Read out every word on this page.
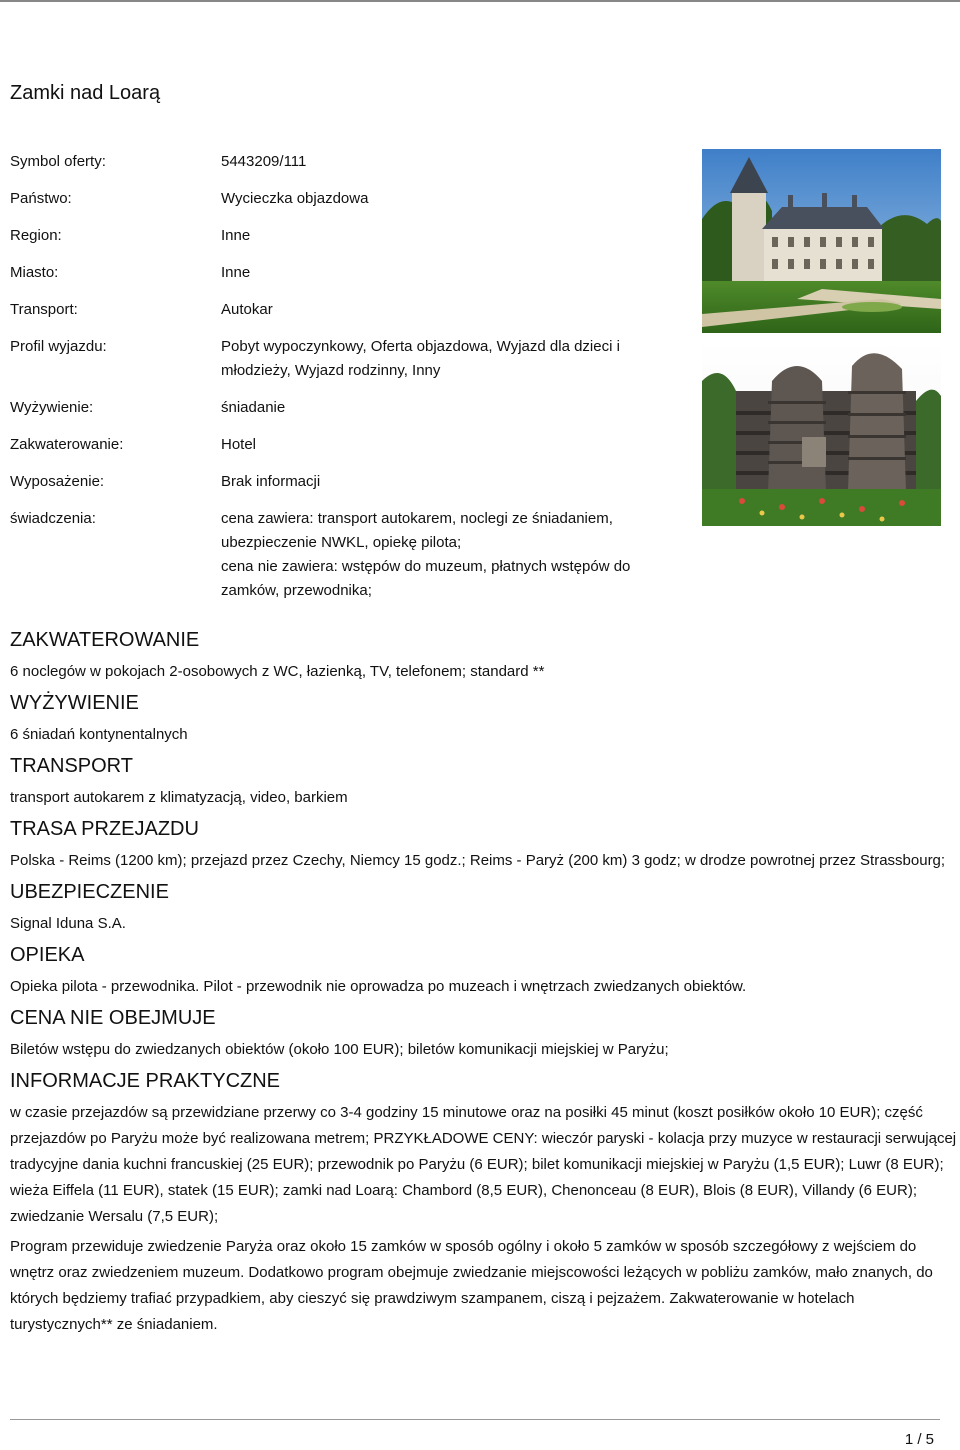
Zamki nad Loarą
Symbol oferty:	5443209/111
Państwo:	Wycieczka objazdowa
Region:	Inne
Miasto:	Inne
Transport:	Autokar
Profil wyjazdu:	Pobyt wypoczynkowy, Oferta objazdowa, Wyjazd dla dzieci i młodzieży, Wyjazd rodzinny, Inny
Wyżywienie:	śniadanie
Zakwaterowanie:	Hotel
Wyposażenie:	Brak informacji
świadczenia:	cena zawiera: transport autokarem, noclegi ze śniadaniem, ubezpieczenie NWKL, opiekę pilota;
cena nie zawiera: wstępów do muzeum, płatnych wstępów do zamków, przewodnika;
ZAKWATEROWANIE
6 noclegów w pokojach 2-osobowych z WC, łazienką, TV, telefonem; standard **
WYŻYWIENIE
6 śniadań kontynentalnych
TRANSPORT
transport autokarem z klimatyzacją, video, barkiem
TRASA PRZEJAZDU
Polska - Reims (1200 km); przejazd przez Czechy, Niemcy 15 godz.; Reims - Paryż (200 km) 3 godz; w drodze powrotnej przez Strassbourg;
UBEZPIECZENIE
Signal Iduna S.A.
OPIEKA
Opieka pilota - przewodnika. Pilot - przewodnik nie oprowadza po muzeach i wnętrzach zwiedzanych obiektów.
CENA NIE OBEJMUJE
Biletów wstępu do zwiedzanych obiektów (około 100 EUR); biletów komunikacji miejskiej w Paryżu;
INFORMACJE PRAKTYCZNE
w czasie przejazdów są przewidziane przerwy co 3-4 godziny 15 minutowe oraz na posiłki 45 minut (koszt posiłków około 10 EUR); część przejazdów po Paryżu może być realizowana metrem; PRZYKŁADOWE CENY: wieczór paryski - kolacja przy muzyce w restauracji serwującej tradycyjne dania kuchni francuskiej (25 EUR); przewodnik po Paryżu (6 EUR); bilet komunikacji miejskiej w Paryżu (1,5 EUR); Luwr (8 EUR); wieża Eiffela (11 EUR), statek (15 EUR); zamki nad Loarą: Chambord (8,5 EUR), Chenonceau (8 EUR), Blois (8 EUR), Villandy (6 EUR); zwiedzanie Wersalu (7,5 EUR);
Program przewiduje zwiedzenie Paryża oraz około 15 zamków w sposób ogólny i około 5 zamków w sposób szczegółowy z wejściem do wnętrz oraz zwiedzeniem muzeum. Dodatkowo program obejmuje zwiedzanie miejscowości leżących w pobliżu zamków, mało znanych, do których będziemy trafiać przypadkiem, aby cieszyć się prawdziwym szampanem, ciszą i pejzażem. Zakwaterowanie w hotelach turystycznych** ze śniadaniem.
1 / 5
